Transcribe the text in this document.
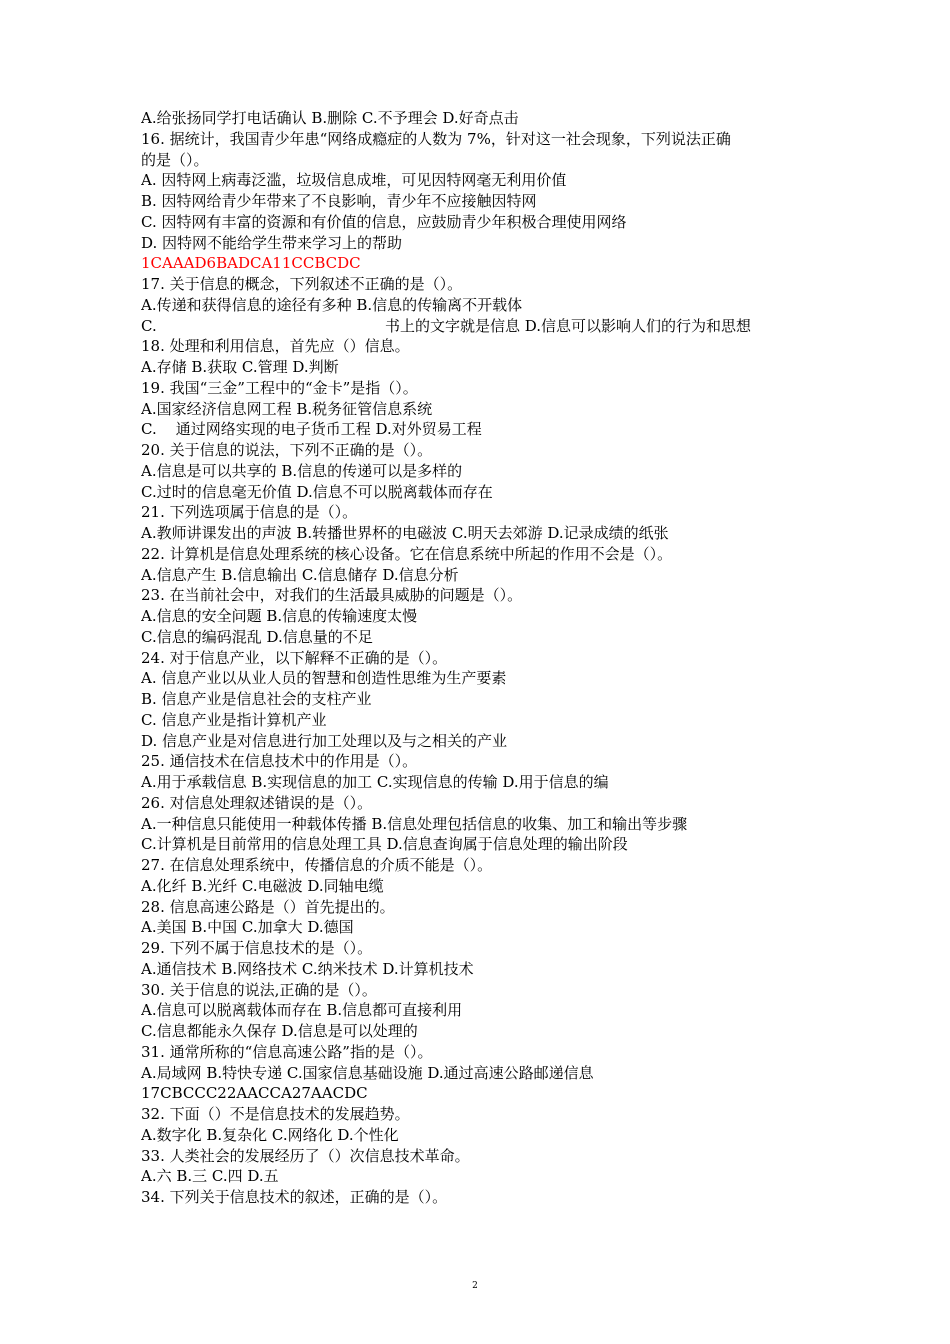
A.给张扬同学打电话确认 B.删除 C.不予理会 D.好奇点击
16. 据统计，我国青少年患“网络成瘾症的人数为 7%，针对这一社会现象，下列说法正确
的是（）。
A. 因特网上病毒泛滥，垃圾信息成堆，可见因特网毫无利用价值
B. 因特网给青少年带来了不良影响，青少年不应接触因特网
C. 因特网有丰富的资源和有价值的信息，应鼓励青少年积极合理使用网络
D. 因特网不能给学生带来学习上的帮助
1CAAAD6BADCA11CCBCDC
17. 关于信息的概念，下列叙述不正确的是（）。
A.传递和获得信息的途径有多种 B.信息的传输离不开载体
C.	书上的文字就是信息 D.信息可以影响人们的行为和思想
18. 处理和利用信息，首先应（）信息。
A.存储 B.获取 C.管理 D.判断
19. 我国“三金”工程中的“金卡”是指（）。
A.国家经济信息网工程 B.税务征管信息系统
C.    通过网络实现的电子货币工程 D.对外贸易工程
20. 关于信息的说法，下列不正确的是（）。
A.信息是可以共享的 B.信息的传递可以是多样的
C.过时的信息毫无价值 D.信息不可以脱离载体而存在
21. 下列选项属于信息的是（）。
A.教师讲课发出的声波 B.转播世界杯的电磁波 C.明天去郊游 D.记录成绩的纸张
22. 计算机是信息处理系统的核心设备。它在信息系统中所起的作用不会是（）。
A.信息产生 B.信息输出 C.信息储存 D.信息分析
23. 在当前社会中，对我们的生活最具威胁的问题是（）。
A.信息的安全问题 B.信息的传输速度太慢
C.信息的编码混乱 D.信息量的不足
24. 对于信息产业，以下解释不正确的是（）。
A. 信息产业以从业人员的智慧和创造性思维为生产要素
B. 信息产业是信息社会的支柱产业
C. 信息产业是指计算机产业
D. 信息产业是对信息进行加工处理以及与之相关的产业
25. 通信技术在信息技术中的作用是（）。
A.用于承载信息 B.实现信息的加工 C.实现信息的传输 D.用于信息的编
26. 对信息处理叙述错误的是（）。
A.一种信息只能使用一种载体传播 B.信息处理包括信息的收集、加工和输出等步骤
C.计算机是目前常用的信息处理工具 D.信息查询属于信息处理的输出阶段
27. 在信息处理系统中，传播信息的介质不能是（）。
A.化纤 B.光纤 C.电磁波 D.同轴电缆
28. 信息高速公路是（）首先提出的。
A.美国 B.中国 C.加拿大 D.德国
29. 下列不属于信息技术的是（）。
A.通信技术 B.网络技术 C.纳米技术 D.计算机技术
30. 关于信息的说法,正确的是（）。
A.信息可以脱离载体而存在 B.信息都可直接利用
C.信息都能永久保存 D.信息是可以处理的
31. 通常所称的“信息高速公路”指的是（）。
A.局域网 B.特快专递 C.国家信息基础设施 D.通过高速公路邮递信息
17CBCCC22AACCA27AACDC
32. 下面（）不是信息技术的发展趋势。
A.数字化 B.复杂化 C.网络化 D.个性化
33. 人类社会的发展经历了（）次信息技术革命。
A.六 B.三 C.四 D.五
34. 下列关于信息技术的叙述，正确的是（）。
2
